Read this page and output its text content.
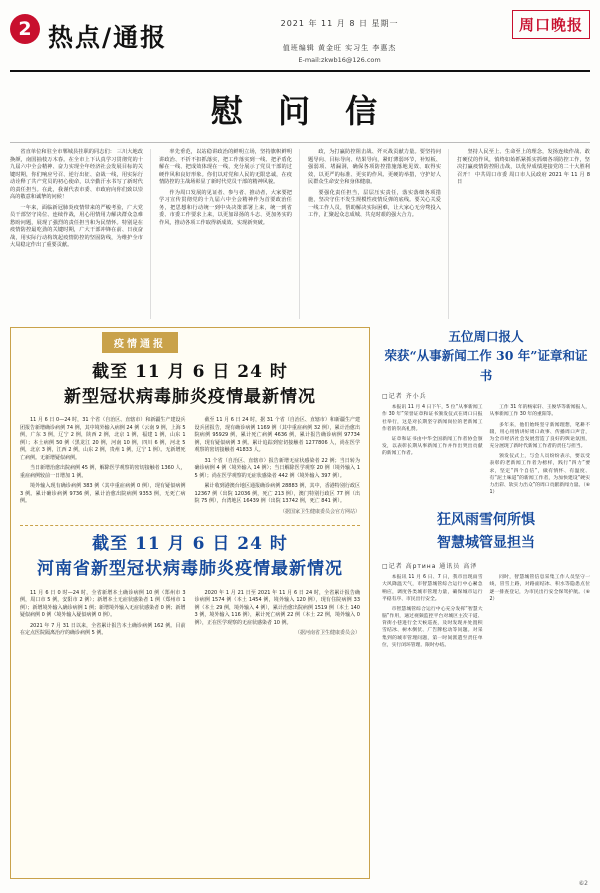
2 热点/通报	2021 年 11 月 8 日 星期一
值班编辑 黄金旺 实习生 李惠杰
E-mail:zkwb16@126.com
周口晚报
慰 问 信

省直单位和驻全市郸城县挂职的同志们： 三川大地改换颜，南国抽枝万木春。在全市上下认真学习贯彻党的十九届六中全会精神、奋力实现全年经济社会发展目标的关键时期，你们响应号召、逆行出征、奋战一线，用实际行动诠释了共产党员的初心使命，以辛勤汗水书写了新时代的责任担当。在此，我谨代表市委、市政府向你们致以崇高的敬意和诚挚的问候！

一年来，面临新冠肺炎疫情带来的严峻考验，广大党员干部坚守岗位、连续作战，用心用情用力解决群众急难愁盼问题，展现了强烈的责任担当和为民情怀。特别是在疫情防控最吃劲的关键时期，广大干部冲锋在前、日夜奋战，用实际行动构筑起疫情防控的坚固防线，为维护全市大局稳定作出了重要贡献。

率先垂范，以站稳讲政治的鲜明立场，坚持旗帜鲜明讲政治、不折不扣抓落实，把工作落实到一线、把矛盾化解在一线、把成效体现在一线，充分展示了党员干部的过硬作风和良好形象。你们以对党和人民的无限忠诚，在疫情防控的主战场彰显了新时代党员干部的精神风貌。

作为周口发展的见证者、参与者、推动者，大家要把学习宣传贯彻党的十九届六中全会精神作为首要政治任务，把思想和行动统一到中央决策部署上来，统一到省委、市委工作要求上来，以更加昂扬的斗志、更加务实的作风，推动各项工作取得新成效、实现新突破。

政，为打赢防控阻击战、歼灭战贡献力量。要坚持问题导向、目标导向、结果导向，紧盯薄弱环节，补短板、强弱项、堵漏洞，确保各项防控措施落地见效、取得实效，以更严的标准、更实的作风、更硬的举措，守护好人民群众生命安全和身体健康。

要强化责任担当，层层压实责任，落实落细各项措施，坚决守住不发生规模性疫情反弹的底线。要关心关爱一线工作人员，帮助解决实际困难，让大家心无旁骛投入工作，汇聚起众志成城、共克时艰的强大合力。

坚持人民至上、生命至上的理念，发扬连续作战、敢打硬仗的作风，慎终如始抓紧抓实抓细各项防控工作，坚决打赢疫情防控阻击战，以优异成绩迎接党的二十大胜利召开！ 中共周口市委 周口市人民政府 2021 年 11 月 8 日

疫情通报
截至 11 月 6 日 24 时
新型冠状病毒肺炎疫情最新情况

11 月 6 日 0—24 时，31 个省（自治区、直辖市）和新疆生产建设兵团报告新增确诊病例 74 例，其中境外输入病例 24 例（云南 9 例，上海 5 例，广东 3 例，辽宁 2 例，陕西 2 例，北京 1 例，福建 1 例，山东 1 例）；本土病例 50 例（黑龙江 20 例，河南 10 例，四川 6 例，河北 5 例，北京 3 例，江西 2 例，山东 2 例，贵州 1 例，辽宁 1 例）。无新增死亡病例。无新增疑似病例。

当日新增治愈出院病例 45 例，解除医学观察的密切接触者 1360 人，重症病例较前一日增加 1 例。

境外输入现有确诊病例 383 例（其中重症病例 0 例），现有疑似病例 3 例。累计确诊病例 9736 例，累计治愈出院病例 9353 例，无死亡病例。

截至 11 月 6 日 24 时，据 31 个省（自治区、直辖市）和新疆生产建设兵团报告，现有确诊病例 1169 例（其中重症病例 32 例），累计治愈出院病例 95929 例，累计死亡病例 4636 例，累计报告确诊病例 97734 例，现有疑似病例 3 例。累计追踪到密切接触者 1277806 人，尚在医学观察的密切接触者 41833 人。

31 个省（自治区、直辖市）报告新增无症状感染者 22 例；当日转为确诊病例 4 例（境外输入 14 例）；当日解除医学观察 20 例（境外输入 15 例）；尚在医学观察的无症状感染者 442 例（境外输入 397 例）。

累计收到港澳台地区通报确诊病例 28883 例，其中，香港特别行政区 12367 例（出院 12036 例，死亡 213 例），澳门特别行政区 77 例（出院 75 例），台湾地区 16439 例（出院 13742 例，死亡 841 例）。

（据国家卫生健康委员会官方网站）
截至 11 月 6 日 24 时
河南省新型冠状病毒肺炎疫情最新情况

11 月 6 日 0 时—24 时，全省新增本土确诊病例 10 例（郑州市 3 例，周口市 5 例，安阳市 2 例）；新增本土无症状感染者 1 例（郑州市 1 例）；新增境外输入确诊病例 1 例；新增境外输入无症状感染者 0 例；新增疑似病例 0 例（境外输入疑似病例 0 例）。

2021 年 7 月 31 日以来，全省累计报告本土确诊病例 162 例。目前在定点医院隔离治疗的确诊病例 5 例。

2020 年 1 月 21 日至 2021 年 11 月 6 日 24 时，全省累计报告确诊病例 1574 例（本土 1454 例，境外输入 120 例），现有住院病例 33 例（本土 29 例，境外输入 4 例），累计治愈出院病例 1519 例（本土 1403 例，境外输入 116 例），累计死亡病例 22 例（本土 22 例，境外输入 0 例），正在医学观察的无症状感染者 10 例。

（据河南省卫生健康委员会）
五位周口报人
荣获“从事新闻工作 30 年”证章和证书
□记者 齐小兵

本报讯 11 月 4 日下午，5 位“从事新闻工作 30 年”荣誉证章和证书颁发仪式在周口日报社举行，这是对长期坚守新闻岗位的老新闻工作者的崇高礼赞。

证章和证书由中华全国新闻工作者协会颁发，以表彰长期从事新闻工作并作出突出贡献的新闻工作者。

工作 31 年的杨家轩、王俊华等新闻报人，从事新闻工作 30 年的重阳等。

多年来，他们始终坚守新闻理想，笔耕不辍，用心用情讲好周口故事、传播周口声音，为全市经济社会发展营造了良好的舆论氛围，充分展现了新时代新闻工作者的责任与担当。

颁发仪式上，与会人员纷纷表示，要以受表彰的老新闻工作者为榜样，践行“四力”要求，坚定“四个自信”，做有情怀、有温度、有“泥土味道”的新闻工作者，为加快建设“硬实力出彩、软实力出众”的周口贡献新闻力量。（⑥1）

狂风雨雪何所惧
智慧城管显担当
□记者 高ртина 通讯员 高泽

本报讯 11 月 6 日、7 日，我市出现雨雪大风降温天气，市智慧城管综合运行中心紧急响应，调度各类城市管理力量，确保城市运行平稳有序、市民出行安全。

市智慧城管综合运行中心充分发挥“智慧大脑”作用，通过视频监控平台对城区主次干道、背街小巷进行全天候巡查，及时发现并处置积雪结冰、树木倒伏、广告牌松动等问题。对采集到的城市管理问题，第一时间派遣至责任单位，实行闭环管理、限时办结。

同时，智慧城管信息采集工作人员坚守一线，冒雪上路，对路面结冰、积水等隐患点位逐一排查登记，为市民出行安全保驾护航。（⑥2）

⑥2
